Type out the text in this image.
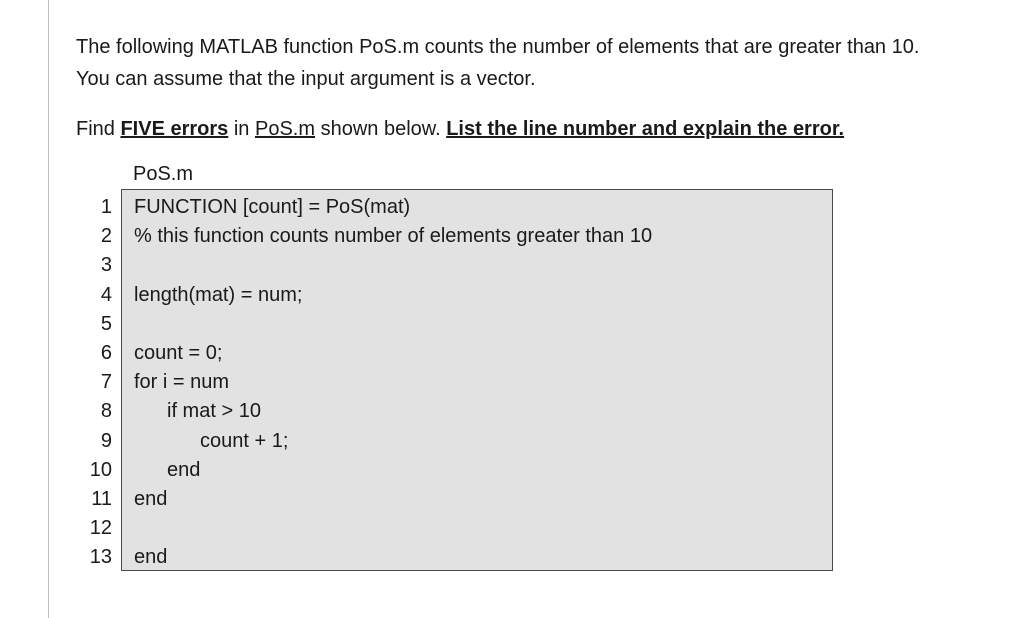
The following MATLAB function PoS.m counts the number of elements that are greater than 10.
You can assume that the input argument is a vector.
Find FIVE errors in PoS.m shown below. List the line number and explain the error.
PoS.m
1 FUNCTION [count] = PoS(mat)
2 % this function counts number of elements greater than 10
3
4 length(mat) = num;
5
6 count = 0;
7 for i = num
8	if mat > 10
9	count + 1;
10	end
11 end
12
13 end
